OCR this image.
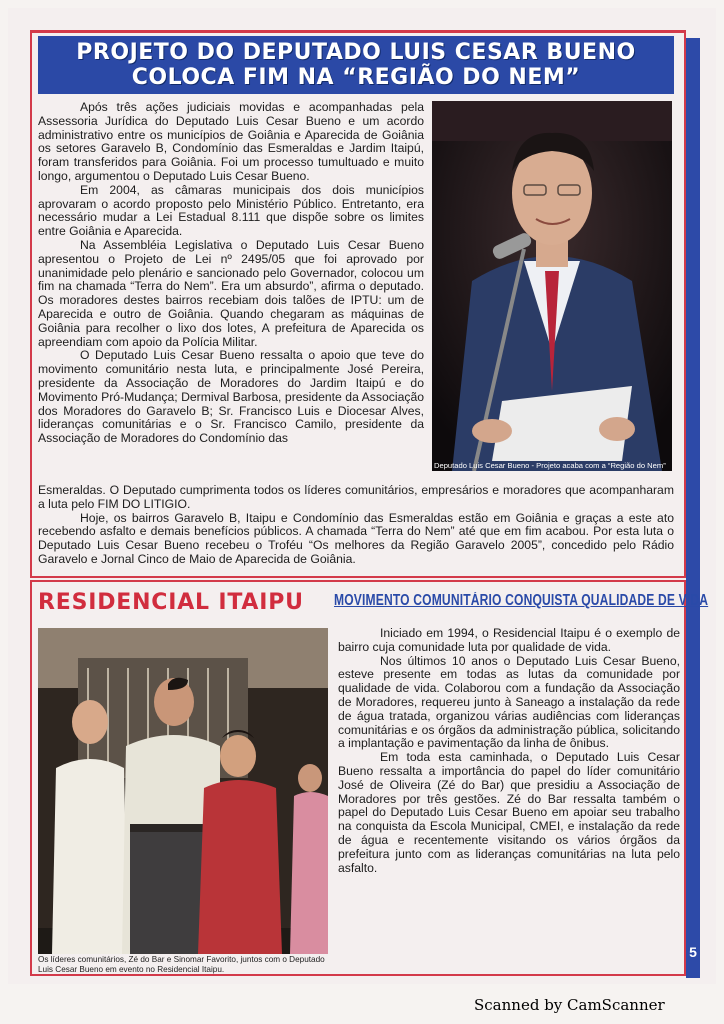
PROJETO DO DEPUTADO LUIS CESAR BUENO
COLOCA FIM NA “REGIÃO DO NEM”

Após três ações judiciais movidas e acompanhadas pela Assessoria Jurídica do Deputado Luis Cesar Bueno e um acordo administrativo entre os municípios de Goiânia e Aparecida de Goiânia os setores Garavelo B, Condomínio das Esmeraldas e Jardim Itaipú, foram transferidos para Goiânia. Foi um processo tumultuado e muito longo, argumentou o Deputado Luis Cesar Bueno.

Em 2004, as câmaras municipais dos dois municípios aprovaram o acordo proposto pelo Ministério Público. Entretanto, era necessário mudar a Lei Estadual 8.111 que dispõe sobre os limites entre Goiânia e Aparecida.

Na Assembléia Legislativa o Deputado Luis Cesar Bueno apresentou o Projeto de Lei nº 2495/05 que foi aprovado por unanimidade pelo plenário e sancionado pelo Governador, colocou um fim na chamada “Terra do Nem”. Era um absurdo”, afirma o deputado. Os moradores destes bairros recebiam dois talões de IPTU: um de Aparecida e outro de Goiânia. Quando chegaram as máquinas de Goiânia para recolher o lixo dos lotes, A prefeitura de Aparecida os apreendiam com apoio da Polícia Militar.

O Deputado Luis Cesar Bueno ressalta o apoio que teve do movimento comunitário nesta luta, e principalmente José Pereira, presidente da Associação de Moradores do Jardim Itaipú e do Movimento Pró-Mudança; Dermival Barbosa, presidente da Associação dos Moradores do Garavelo B; Sr. Francisco Luis e Diocesar Alves, lideranças comunitárias e o Sr. Francisco Camilo, presidente da Associação de Moradores do Condomínio das

Deputado Luis Cesar Bueno - Projeto acaba com a “Região do Nem”

Esmeraldas. O Deputado cumprimenta todos os líderes comunitários, empresários e moradores que acompanharam a luta pelo FIM DO LITIGIO.

Hoje, os bairros Garavelo B, Itaipu e Condomínio das Esmeraldas estão em Goiânia e graças a este ato recebendo asfalto e demais benefícios públicos. A chamada “Terra do Nem” até que em fim acabou. Por esta luta o Deputado Luis Cesar Bueno recebeu o Troféu “Os melhores da Região Garavelo 2005”, concedido pelo Rádio Garavelo e Jornal Cinco de Maio de Aparecida de Goiânia.

RESIDENCIAL ITAIPU MOVIMENTO COMUNITÁRIO CONQUISTA QUALIDADE DE VIDA
Os líderes comunitários, Zé do Bar e Sinomar Favorito, juntos com o Deputado Luis Cesar Bueno em evento no Residencial Itaipu.

Iniciado em 1994, o Residencial Itaipu é o exemplo de bairro cuja comunidade luta por qualidade de vida.

Nos últimos 10 anos o Deputado Luis Cesar Bueno, esteve presente em todas as lutas da comunidade por qualidade de vida. Colaborou com a fundação da Associação de Moradores, requereu junto à Saneago a instalação da rede de água tratada, organizou várias audiências com lideranças comunitárias e os órgãos da administração pública, solicitando a implantação e pavimentação da linha de ônibus.

Em toda esta caminhada, o Deputado Luis Cesar Bueno ressalta a importância do papel do líder comunitário José de Oliveira (Zé do Bar) que presidiu a Associação de Moradores por três gestões. Zé do Bar ressalta também o papel do Deputado Luis Cesar Bueno em apoiar seu trabalho na conquista da Escola Municipal, CMEI, e instalação da rede de água e recentemente visitando os vários órgãos da prefeitura junto com as lideranças comunitárias na luta pelo asfalto.

5
Scanned by CamScanner
